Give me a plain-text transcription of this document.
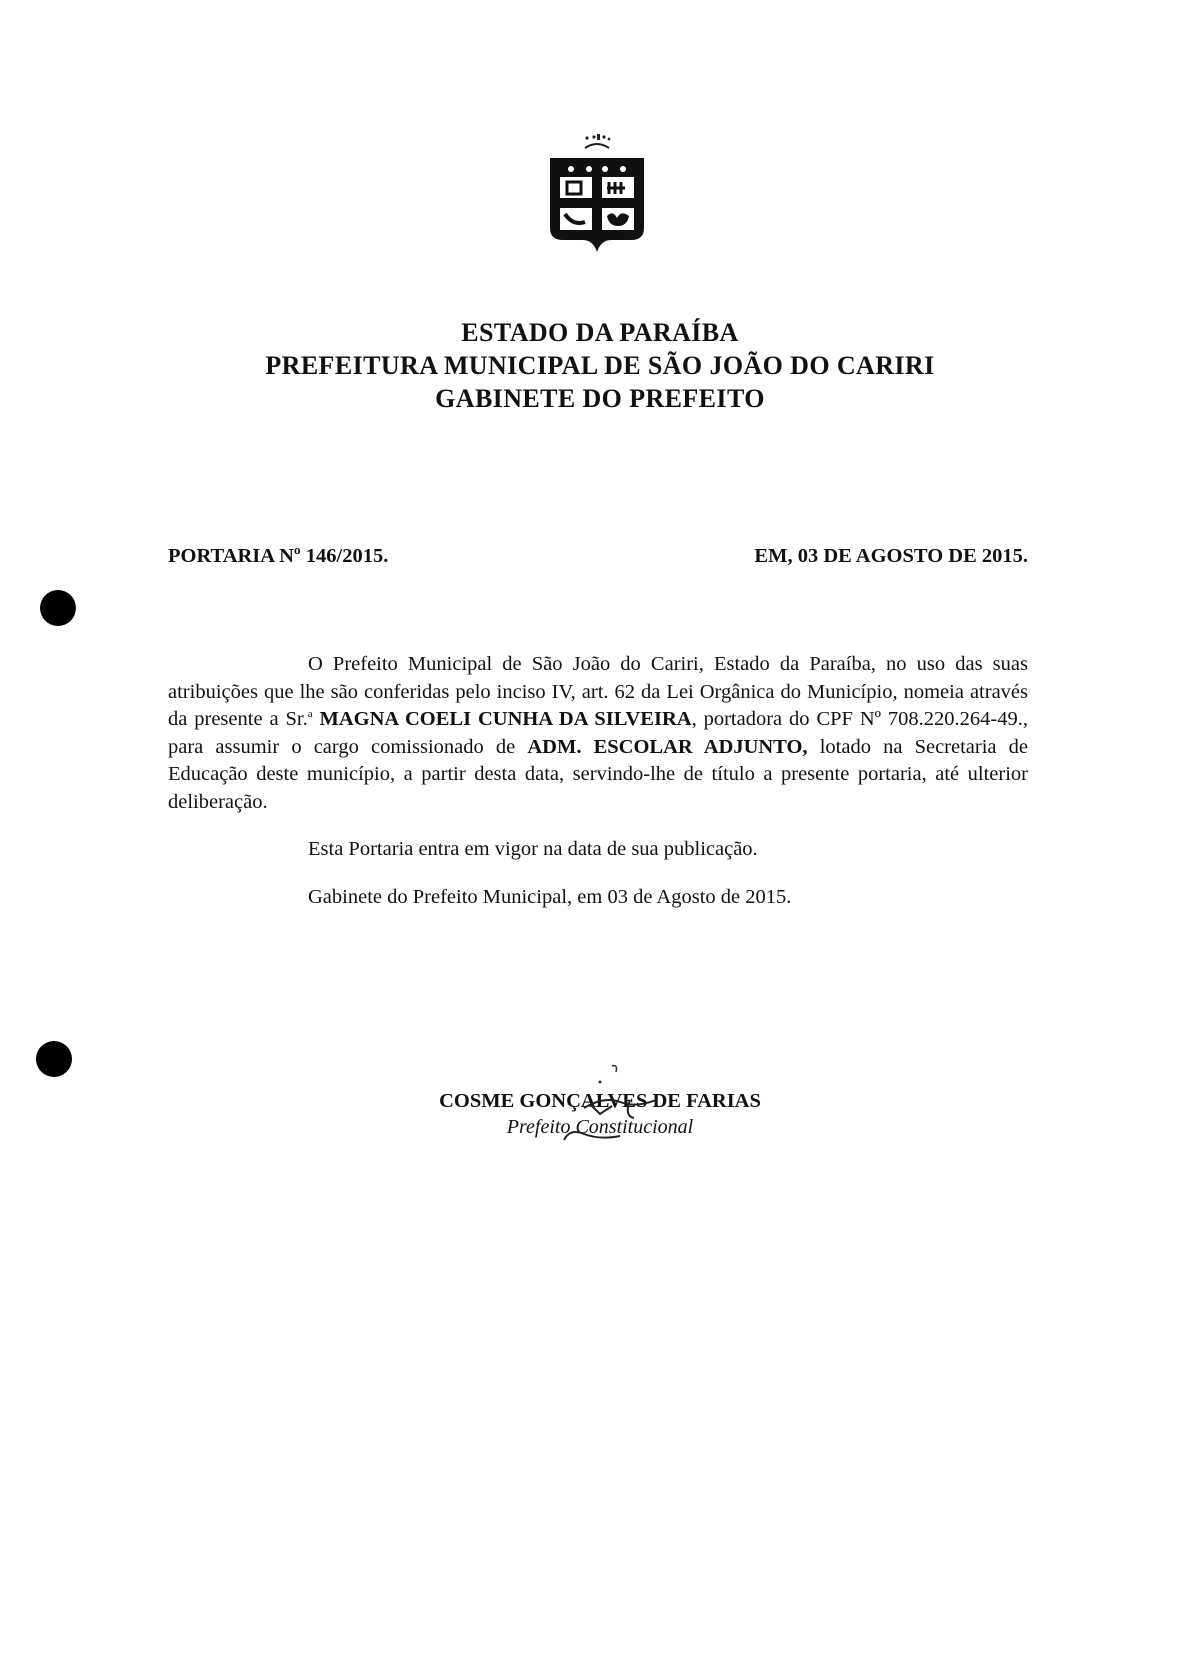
ESTADO DA PARAÍBA
PREFEITURA MUNICIPAL DE SÃO JOÃO DO CARIRI
GABINETE DO PREFEITO
PORTARIA Nº 146/2015.	EM, 03 DE AGOSTO DE 2015.

O Prefeito Municipal de São João do Cariri, Estado da Paraíba, no uso das suas atribuições que lhe são conferidas pelo inciso IV, art. 62 da Lei Orgânica do Município, nomeia através da presente a Sr.$^a$ MAGNA COELI CUNHA DA SILVEIRA, portadora do CPF Nº 708.220.264-49., para assumir o cargo comissionado de ADM. ESCOLAR ADJUNTO, lotado na Secretaria de Educação deste município, a partir desta data, servindo-lhe de título a presente portaria, até ulterior deliberação.

Esta Portaria entra em vigor na data de sua publicação.

Gabinete do Prefeito Municipal, em 03 de Agosto de 2015.

COSME GONÇALVES DE FARIAS
Prefeito Constitucional
